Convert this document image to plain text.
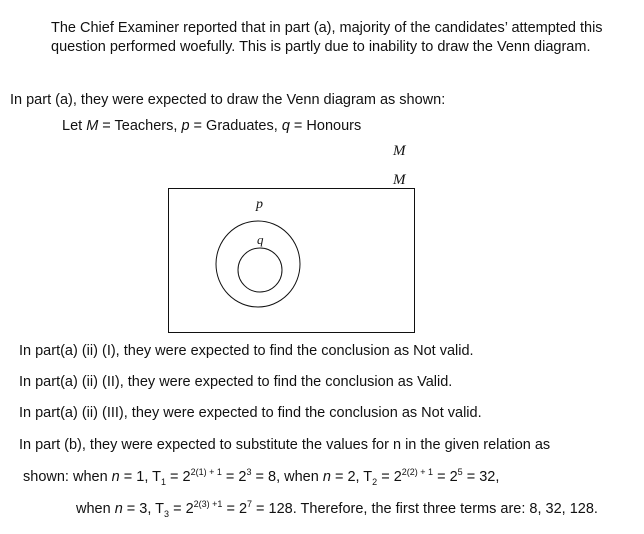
The Chief Examiner reported that in part (a), majority of the candidates’ attempted this
question performed woefully. This is partly due to inability to draw the Venn diagram.
In part (a), they were expected to draw the Venn diagram as shown:
Let M = Teachers, p = Graduates, q = Honours
M
M
p
q
In part(a) (ii) (I), they were expected to find the conclusion as Not valid.
In part(a) (ii) (II), they were expected to find the conclusion as Valid.
In part(a) (ii) (III), they were expected to find the conclusion as Not valid.
In part (b), they were expected to substitute the values for n in the given relation as
shown: when n = 1, $T_1 = 2^{2(1) + 1} = 2^3 = 8$, when n = 2, $T_2 = 2^{2(2) + 1} = 2^5 = 32$,
when n = 3, $T_3 = 2^{2(3) +1} = 2^7 = 128$. Therefore, the first three terms are: 8, 32, 128.
